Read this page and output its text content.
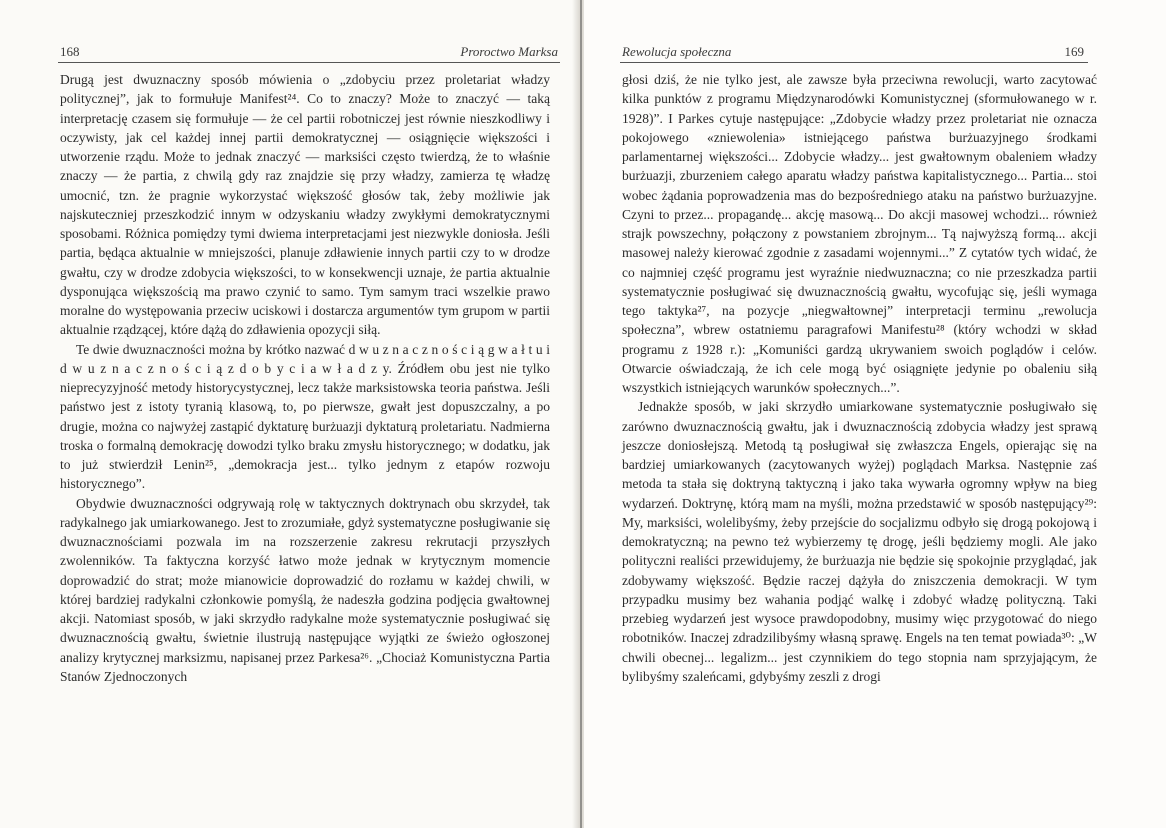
168	Proroctwo Marksa

Drugą jest dwuznaczny sposób mówienia o „zdobyciu przez proletariat władzy politycznej”, jak to formułuje Manifest²⁴. Co to znaczy? Może to znaczyć — taką interpretację czasem się formułuje — że cel partii robotniczej jest równie nieszkodliwy i oczywisty, jak cel każdej innej partii demokratycznej — osiągnięcie większości i utworzenie rządu. Może to jednak znaczyć — marksiści często twierdzą, że to właśnie znaczy — że partia, z chwilą gdy raz znajdzie się przy władzy, zamierza tę władzę umocnić, tzn. że pragnie wykorzystać większość głosów tak, żeby możliwie jak najskuteczniej przeszkodzić innym w odzyskaniu władzy zwykłymi demokratycznymi sposobami. Różnica pomiędzy tymi dwiema interpretacjami jest niezwykle doniosła. Jeśli partia, będąca aktualnie w mniejszości, planuje zdławienie innych partii czy to w drodze gwałtu, czy w drodze zdobycia większości, to w konsekwencji uznaje, że partia aktualnie dysponująca większością ma prawo czynić to samo. Tym samym traci wszelkie prawo moralne do występowania przeciw uciskowi i dostarcza argumentów tym grupom w partii aktualnie rządzącej, które dążą do zdławienia opozycji siłą.

Te dwie dwuznaczności można by krótko nazwać d w u z n a c z n o ś c i ą g w a ł t u i d w u z n a c z n o ś c i ą z d o b y c i a w ł a d z y. Źródłem obu jest nie tylko nieprecyzyjność metody historycystycznej, lecz także marksistowska teoria państwa. Jeśli państwo jest z istoty tyranią klasową, to, po pierwsze, gwałt jest dopuszczalny, a po drugie, można co najwyżej zastąpić dyktaturę burżuazji dyktaturą proletariatu. Nadmierna troska o formalną demokrację dowodzi tylko braku zmysłu historycznego; w dodatku, jak to już stwierdził Lenin²⁵, „demokracja jest... tylko jednym z etapów rozwoju historycznego”.

Obydwie dwuznaczności odgrywają rolę w taktycznych doktrynach obu skrzydeł, tak radykalnego jak umiarkowanego. Jest to zrozumiałe, gdyż systematyczne posługiwanie się dwuznacznościami pozwala im na rozszerzenie zakresu rekrutacji przyszłych zwolenników. Ta faktyczna korzyść łatwo może jednak w krytycznym momencie doprowadzić do strat; może mianowicie doprowadzić do rozłamu w każdej chwili, w której bardziej radykalni członkowie pomyślą, że nadeszła godzina podjęcia gwałtownej akcji. Natomiast sposób, w jaki skrzydło radykalne może systematycznie posługiwać się dwuznacznością gwałtu, świetnie ilustrują następujące wyjątki ze świeżo ogłoszonej analizy krytycznej marksizmu, napisanej przez Parkesa²⁶. „Chociaż Komunistyczna Partia Stanów Zjednoczonych

Rewolucja społeczna	169

głosi dziś, że nie tylko jest, ale zawsze była przeciwna rewolucji, warto zacytować kilka punktów z programu Międzynarodówki Komunistycznej (sformułowanego w r. 1928)”. I Parkes cytuje następujące: „Zdobycie władzy przez proletariat nie oznacza pokojowego «zniewolenia» istniejącego państwa burżuazyjnego środkami parlamentarnej większości... Zdobycie władzy... jest gwałtownym obaleniem władzy burżuazji, zburzeniem całego aparatu władzy państwa kapitalistycznego... Partia... stoi wobec żądania poprowadzenia mas do bezpośredniego ataku na państwo burżuazyjne. Czyni to przez... propagandę... akcję masową... Do akcji masowej wchodzi... również strajk powszechny, połączony z powstaniem zbrojnym... Tą najwyższą formą... akcji masowej należy kierować zgodnie z zasadami wojennymi...” Z cytatów tych widać, że co najmniej część programu jest wyraźnie niedwuznaczna; co nie przeszkadza partii systematycznie posługiwać się dwuznacznością gwałtu, wycofując się, jeśli wymaga tego taktyka²⁷, na pozycje „niegwałtownej” interpretacji terminu „rewolucja społeczna”, wbrew ostatniemu paragrafowi Manifestu²⁸ (który wchodzi w skład programu z 1928 r.): „Komuniści gardzą ukrywaniem swoich poglądów i celów. Otwarcie oświadczają, że ich cele mogą być osiągnięte jedynie po obaleniu siłą wszystkich istniejących warunków społecznych...”.

Jednakże sposób, w jaki skrzydło umiarkowane systematycznie posługiwało się zarówno dwuznacznością gwałtu, jak i dwuznacznością zdobycia władzy jest sprawą jeszcze doniosłejszą. Metodą tą posługiwał się zwłaszcza Engels, opierając się na bardziej umiarkowanych (zacytowanych wyżej) poglądach Marksa. Następnie zaś metoda ta stała się doktryną taktyczną i jako taka wywarła ogromny wpływ na bieg wydarzeń. Doktrynę, którą mam na myśli, można przedstawić w sposób następujący²⁹: My, marksiści, wolelibyśmy, żeby przejście do socjalizmu odbyło się drogą pokojową i demokratyczną; na pewno też wybierzemy tę drogę, jeśli będziemy mogli. Ale jako polityczni realiści przewidujemy, że burżuazja nie będzie się spokojnie przyglądać, jak zdobywamy większość. Będzie raczej dążyła do zniszczenia demokracji. W tym przypadku musimy bez wahania podjąć walkę i zdobyć władzę polityczną. Taki przebieg wydarzeń jest wysoce prawdopodobny, musimy więc przygotować do niego robotników. Inaczej zdradzilibyśmy własną sprawę. Engels na ten temat powiada³⁰: „W chwili obecnej... legalizm... jest czynnikiem do tego stopnia nam sprzyjającym, że bylibyśmy szaleńcami, gdybyśmy zeszli z drogi
